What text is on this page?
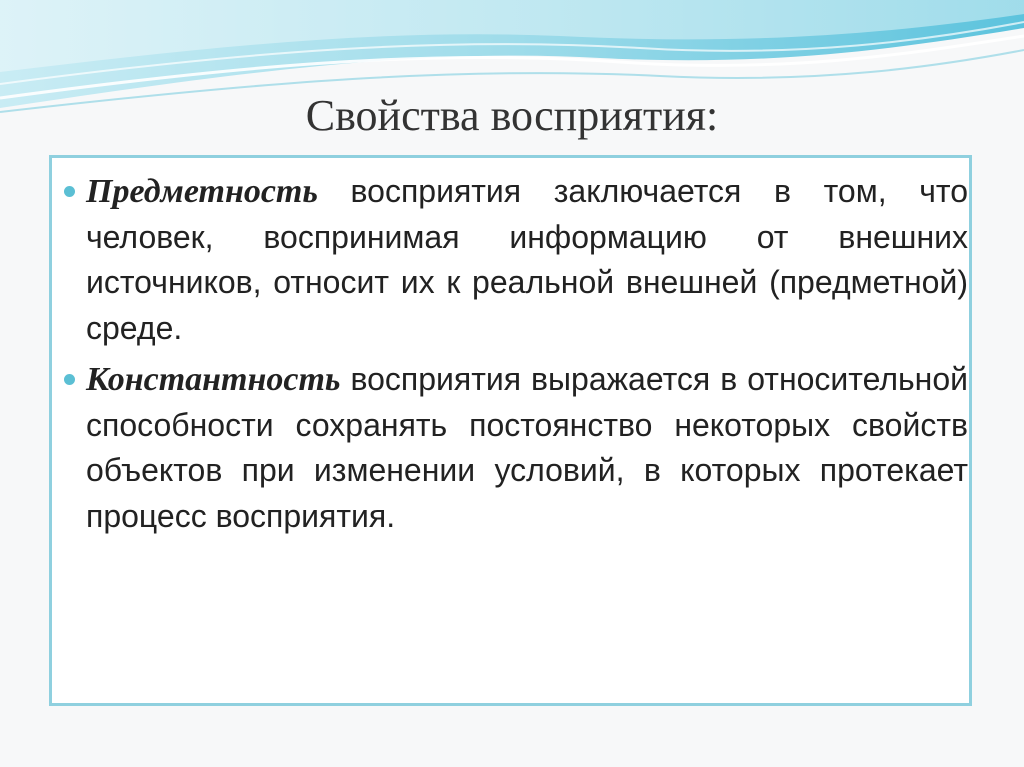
Свойства восприятия:
Предметность восприятия заключается в том, что человек, воспринимая информацию от внешних источников, относит их к реальной внешней (предметной) среде.
Константность восприятия выражается в относительной способности сохранять постоянство некоторых свойств объектов при изменении условий, в которых протекает процесс восприятия.
